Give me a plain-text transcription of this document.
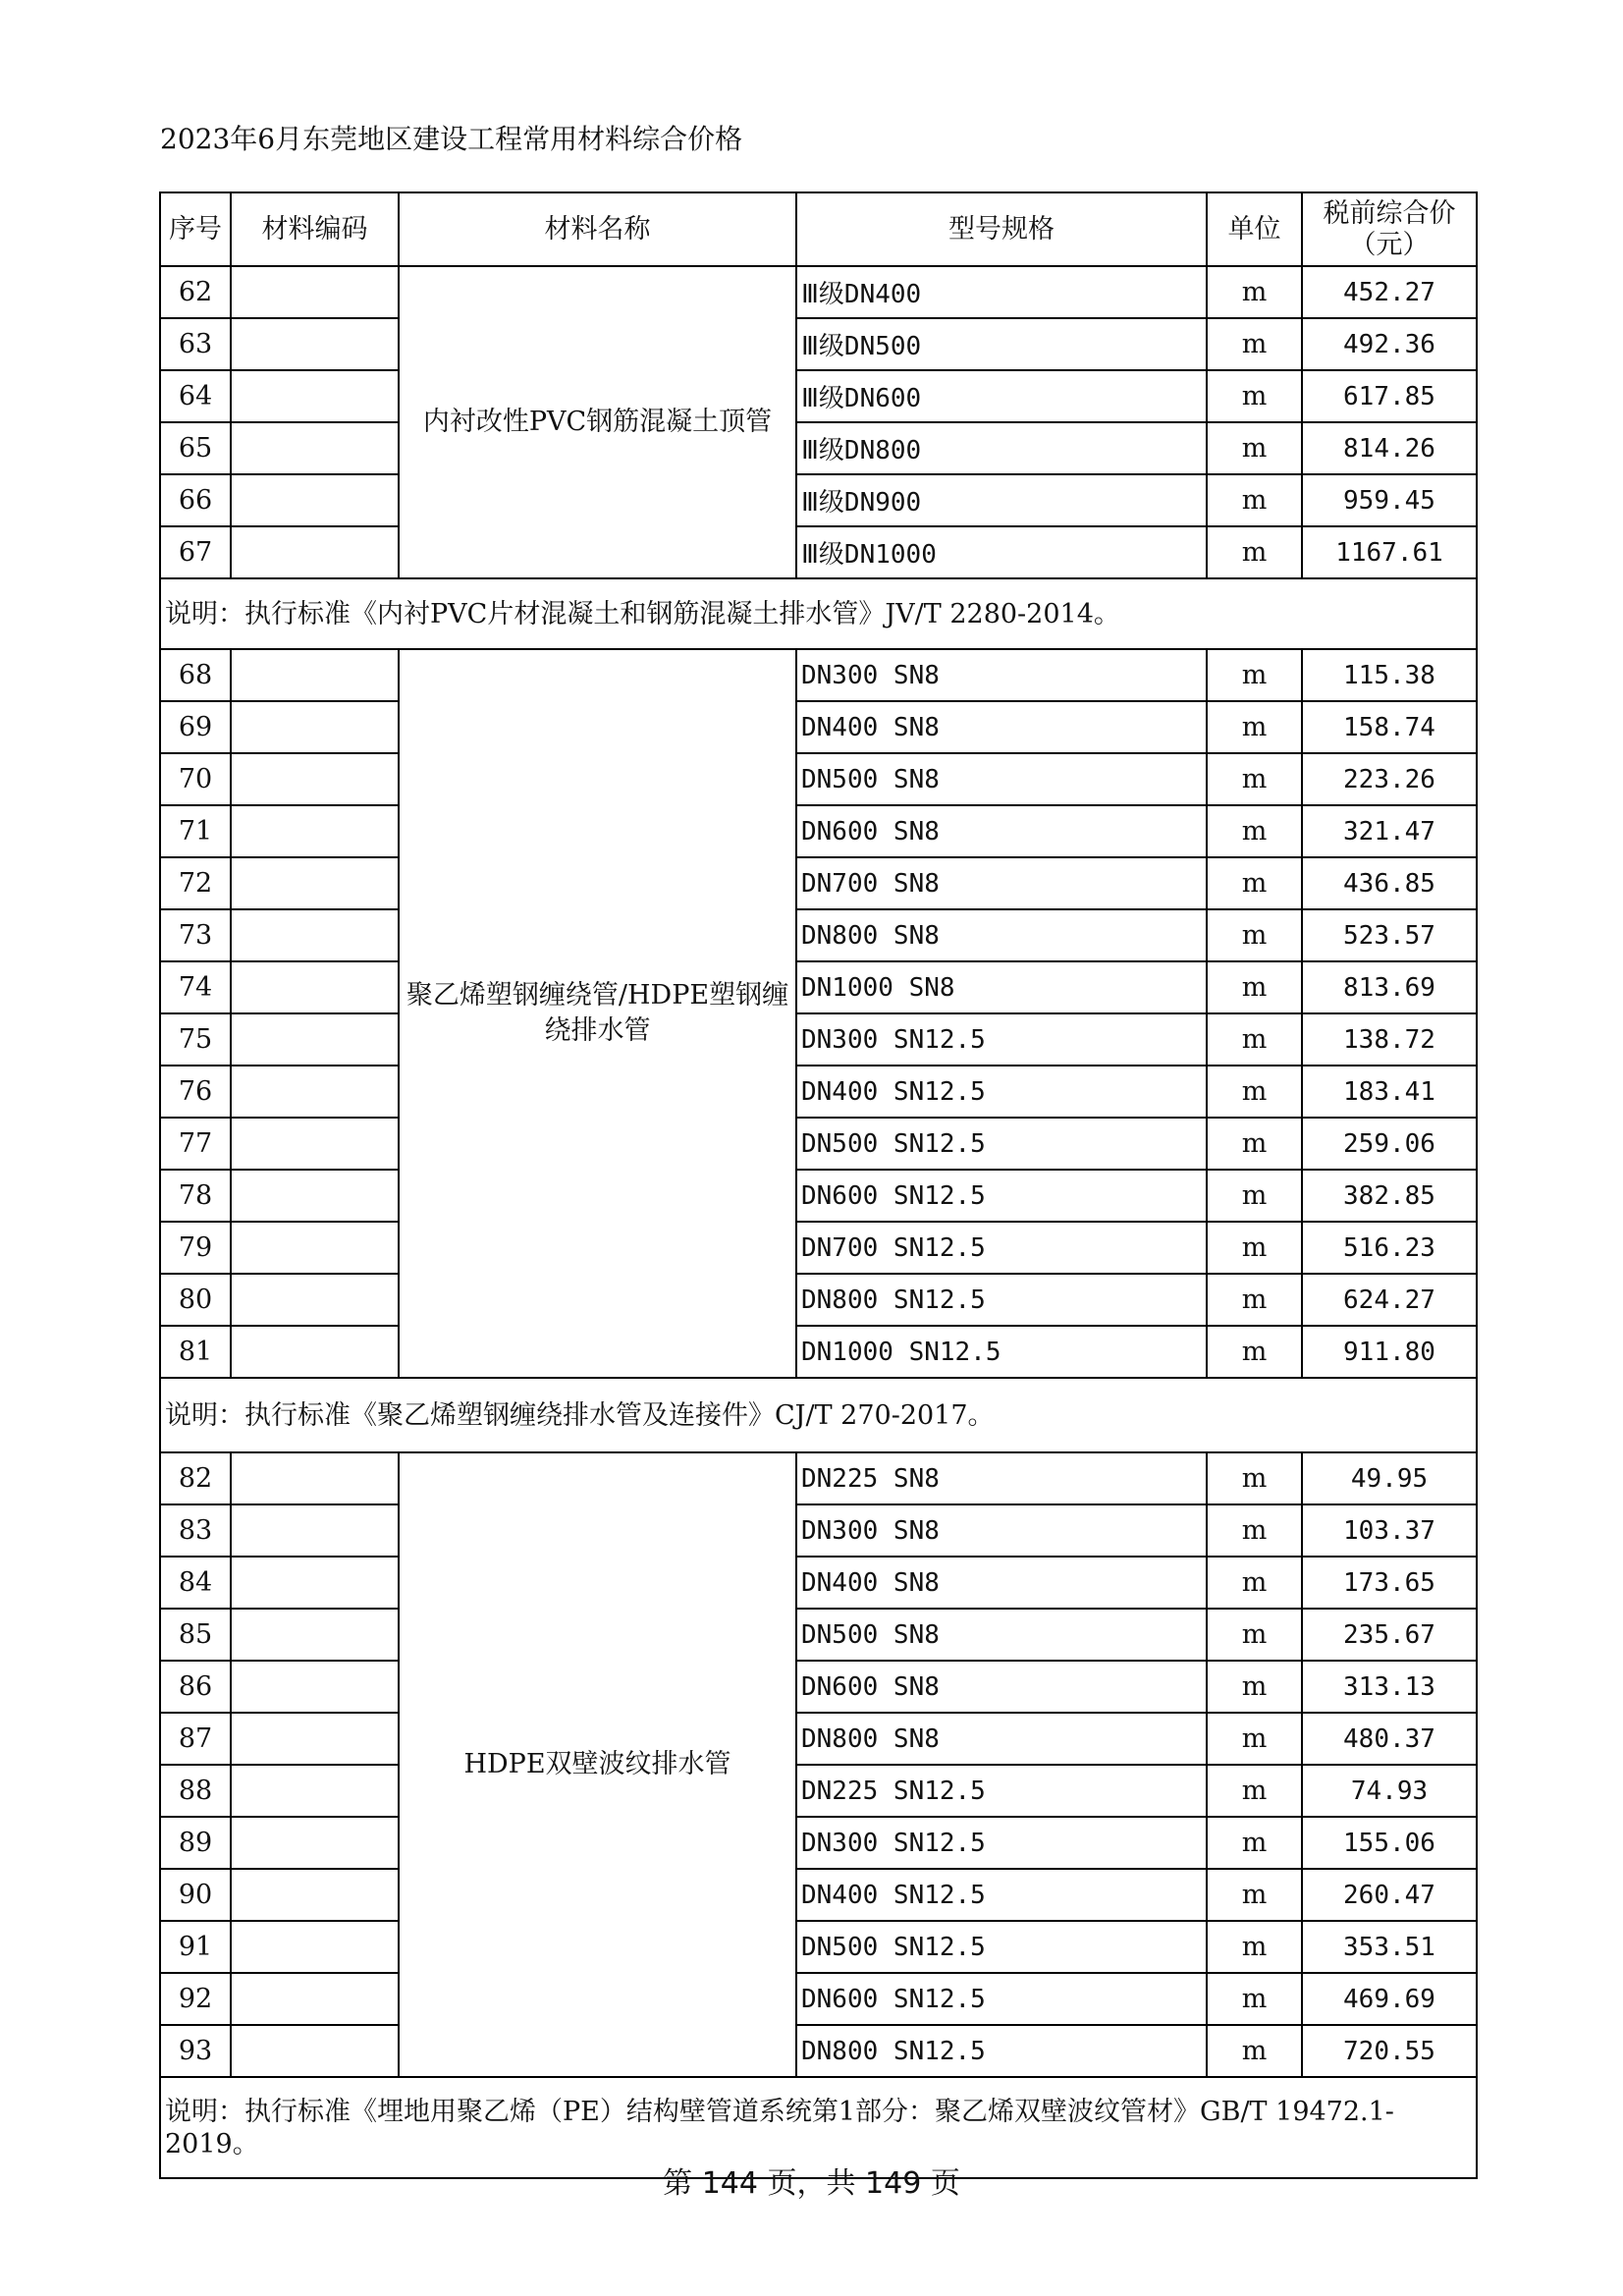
2023年6月东莞地区建设工程常用材料综合价格
序号	材料编码	材料名称	型号规格	单位	税前综合价
（元）

62		内衬改性PVC钢筋混凝土顶管	Ⅲ级DN400	m	452.27
63			Ⅲ级DN500	m	492.36
64			Ⅲ级DN600	m	617.85
65			Ⅲ级DN800	m	814.26
66			Ⅲ级DN900	m	959.45
67			Ⅲ级DN1000	m	1167.61
说明：执行标准《内衬PVC片材混凝土和钢筋混凝土排水管》JV/T 2280-2014。					
68		聚乙烯塑钢缠绕管/HDPE塑钢缠绕排水管	DN300 SN8	m	115.38
69			DN400 SN8	m	158.74
70			DN500 SN8	m	223.26
71			DN600 SN8	m	321.47
72			DN700 SN8	m	436.85
73			DN800 SN8	m	523.57
74			DN1000 SN8	m	813.69
75			DN300 SN12.5	m	138.72
76			DN400 SN12.5	m	183.41
77			DN500 SN12.5	m	259.06
78			DN600 SN12.5	m	382.85
79			DN700 SN12.5	m	516.23
80			DN800 SN12.5	m	624.27
81			DN1000 SN12.5	m	911.80
说明：执行标准《聚乙烯塑钢缠绕排水管及连接件》CJ/T 270-2017。					
82		HDPE双壁波纹排水管	DN225 SN8	m	49.95
83			DN300 SN8	m	103.37
84			DN400 SN8	m	173.65
85			DN500 SN8	m	235.67
86			DN600 SN8	m	313.13
87			DN800 SN8	m	480.37
88			DN225 SN12.5	m	74.93
89			DN300 SN12.5	m	155.06
90			DN400 SN12.5	m	260.47
91			DN500 SN12.5	m	353.51
92			DN600 SN12.5	m	469.69
93			DN800 SN12.5	m	720.55
说明：执行标准《埋地用聚乙烯（PE）结构壁管道系统第1部分：聚乙烯双壁波纹管材》GB/T 19472.1-2019。					
第 144 页，共 149 页
